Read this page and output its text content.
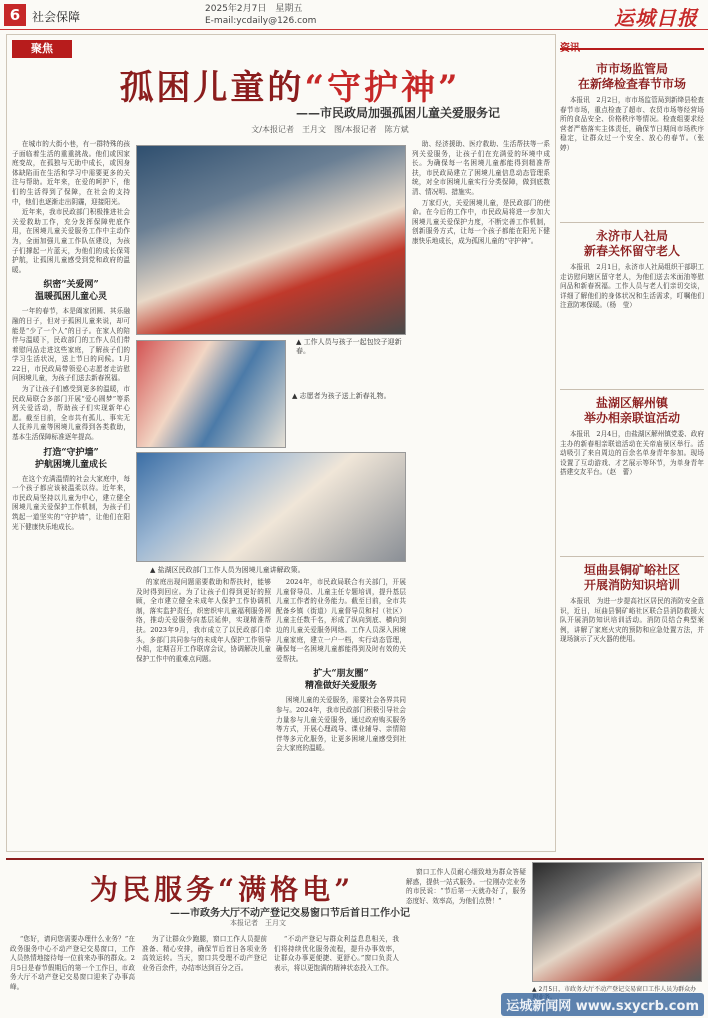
6 社会保障
2025年2月7日　星期五
E-mail:ycdaily@126.com	运城日报
聚焦
孤困儿童的“守护神”
——市民政局加强孤困儿童关爱服务记
文/本报记者　王月文　图/本报记者　陈方斌

在城市的大街小巷，有一群特殊的孩子面临着生活的重重挑战。他们或因家庭变故，在孤独与无助中成长，或因身体缺陷而在生活和学习中需要更多的关注与帮助。近年来，在爱的呵护下，他们的生活得到了保障，在社会的支持中，他们也逐渐走出阴霾，迎接阳光。

近年来，我市民政部门积极推进社会关爱救助工作，充分发挥保障兜底作用，在困境儿童关爱服务工作中主动作为，全面加强儿童工作队伍建设，为孩子们撑起一片蓝天，为他们的成长保驾护航，让孤困儿童感受到党和政府的温暖。

织密“关爱网”
温暖孤困儿童心灵

一年的春节，本是阖家团圆、其乐融融的日子，但对于孤困儿童来说，却可能是“少了一个人”的日子。在家人的陪伴与温暖下，民政部门的工作人员们带着慰问品走进这些家庭，了解孩子们的学习生活状况，送上节日的问候。1月22日，市民政局带领爱心志愿者走访慰问困境儿童，为孩子们送去新春祝福。

为了让孩子们感受到更多的温暖，市民政局联合多部门开展“爱心圆梦”等系列关爱活动，帮助孩子们实现新年心愿。截至目前，全市共有孤儿、事实无人抚养儿童等困境儿童得到各类救助，基本生活保障标准逐年提高。

打造“守护墙”
护航困境儿童成长

在这个充满温情的社会大家庭中，每一个孩子都应该被温柔以待。近年来，市民政局坚持以儿童为中心，建立健全困境儿童关爱保护工作机制，为孩子们筑起一道坚实的“守护墙”，让他们在阳光下健康快乐地成长。

▲ 工作人员与孩子一起包饺子迎新春。
▲ 志愿者为孩子送上新春礼物。
▲ 盐湖区民政部门工作人员为困境儿童讲解政策。

的家庭出现问题需要救助和帮扶时，能够及时得到回应。为了让孩子们得到更好的照顾，全市建立健全未成年人保护工作协调机制，落实监护责任，织密织牢儿童福利服务网络，推动关爱服务向基层延伸，实现精准帮扶。2023年9月，我市成立了以民政部门牵头，多部门共同参与的未成年人保护工作领导小组，定期召开工作联席会议，协调解决儿童保护工作中的重难点问题。

2024年，市民政局联合有关部门，开展儿童督导员、儿童主任专题培训，提升基层儿童工作者的业务能力。截至目前，全市共配备乡镇（街道）儿童督导员和村（社区）儿童主任数千名，形成了纵向到底、横向到边的儿童关爱服务网络。工作人员深入困境儿童家庭，建立一户一档，实行动态管理，确保每一名困境儿童都能得到及时有效的关爱帮扶。

扩大“朋友圈”
精准做好关爱服务

困境儿童的关爱服务，需要社会各界共同参与。2024年，我市民政部门积极引导社会力量参与儿童关爱服务，通过政府购买服务等方式，开展心理疏导、课业辅导、亲情陪伴等多元化服务，让更多困境儿童感受到社会大家庭的温暖。

助、经济援助、医疗救助、生活帮扶等一系列关爱服务，让孩子们在充满爱的环境中成长。为确保每一名困境儿童都能得到精准帮扶，市民政局建立了困境儿童信息动态管理系统，对全市困境儿童实行分类保障，做到底数清、情况明、措施实。

万家灯火，关爱困境儿童，是民政部门的使命。在今后的工作中，市民政局将进一步加大困境儿童关爱保护力度，不断完善工作机制，创新服务方式，让每一个孩子都能在阳光下健康快乐地成长，成为孤困儿童的“守护神”。

资讯
市市场监管局
在新绛检查春节市场

本报讯　2月2日，市市场监管局到新绛县检查春节市场，重点检查了超市、农贸市场等经营场所的食品安全、价格秩序等情况。检查组要求经营者严格落实主体责任，确保节日期间市场秩序稳定，让群众过一个安全、放心的春节。（张　婷）

永济市人社局
新春关怀留守老人

本报讯　2月1日，永济市人社局组织干部职工走访慰问辖区留守老人，为他们送去米面油等慰问品和新春祝福。工作人员与老人们亲切交谈，详细了解他们的身体状况和生活需求，叮嘱他们注意防寒保暖。（杨　莹）

盐湖区解州镇
举办相亲联谊活动

本报讯　2月4日，由盐湖区解州镇党委、政府主办的新春相亲联谊活动在关帝庙景区举行。活动吸引了来自周边的百余名单身青年参加。现场设置了互动游戏、才艺展示等环节，为单身青年搭建交友平台。（赵　蕾）

垣曲县铜矿峪社区
开展消防知识培训

本报讯　为进一步提高社区居民的消防安全意识，近日，垣曲县铜矿峪社区联合县消防救援大队开展消防知识培训活动。消防员结合典型案例，讲解了家庭火灾的预防和应急处置方法，并现场演示了灭火器的使用。

为民服务“满格电”
——市政务大厅不动产登记交易窗口节后首日工作小记
本报记者　王月文

“您好，请问您需要办理什么业务？”在政务服务中心不动产登记交易窗口，工作人员热情地接待每一位前来办事的群众。2月5日是春节假期后的第一个工作日，市政务大厅不动产登记交易窗口迎来了办事高峰。

为了让群众少跑腿，窗口工作人员提前准备、精心安排，确保节后首日各项业务高效运转。当天，窗口共受理不动产登记业务百余件，办结率达到百分之百。

“不动产登记与群众利益息息相关，我们将持续优化服务流程，提升办事效率，让群众办事更便捷、更舒心。”窗口负责人表示，将以更饱满的精神状态投入工作。

窗口工作人员耐心细致地为群众答疑解惑，提供一站式服务。一位刚办完业务的市民说：“节后第一天就办好了，服务态度好、效率高，为他们点赞！”

▲ 2月5日，市政务大厅不动产登记交易窗口工作人员为群众办
运城新闻网 www.sxycrb.com
